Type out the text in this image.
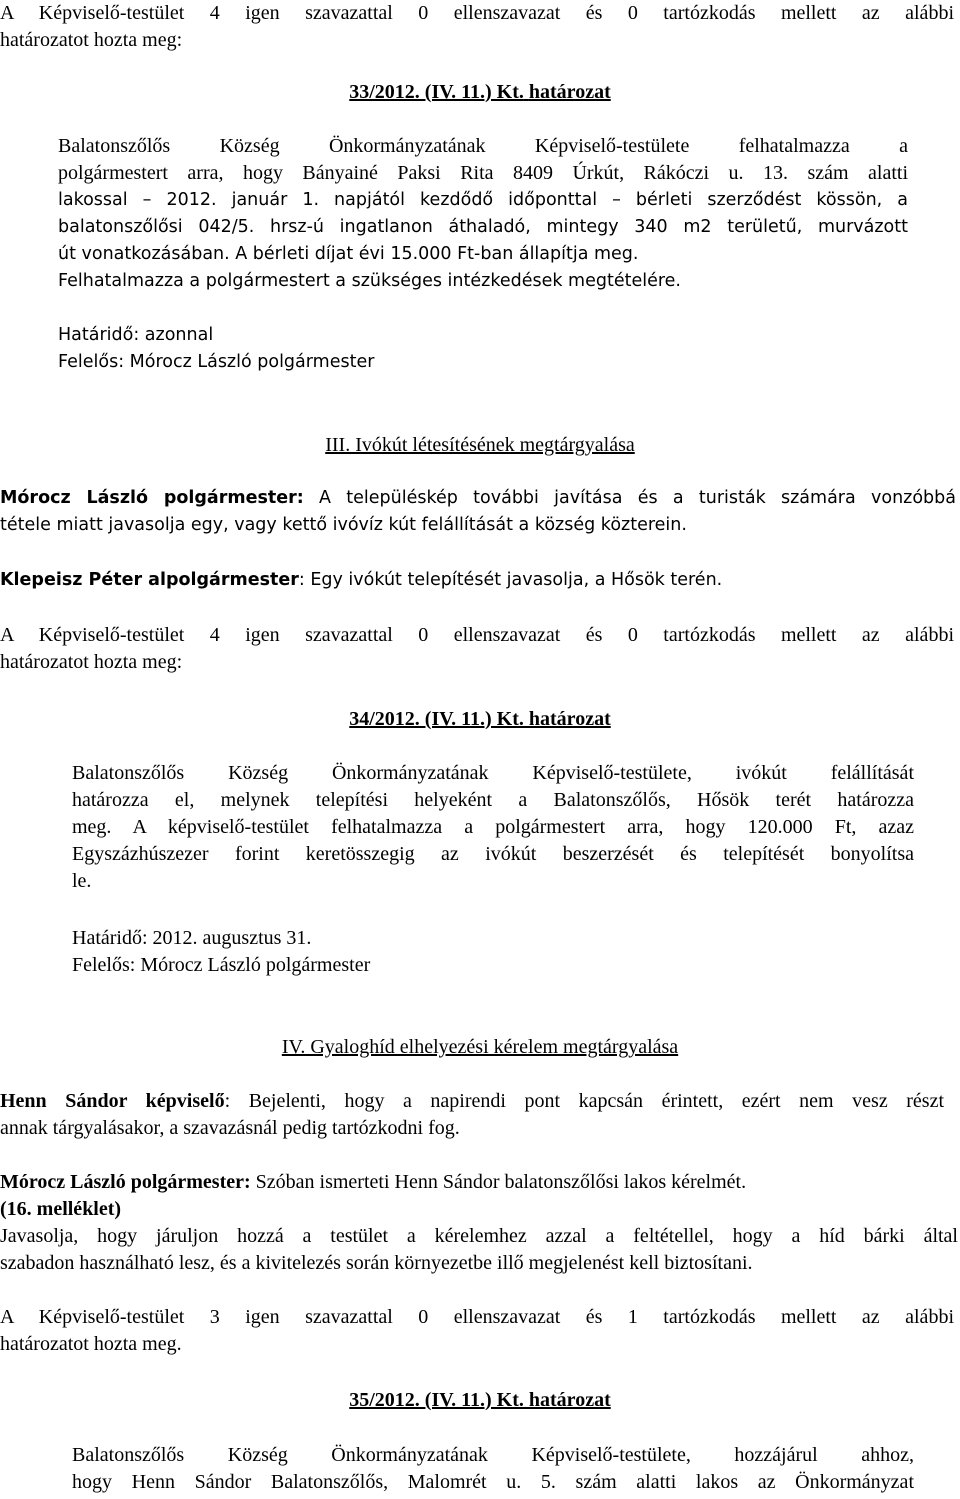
A Képviselő-testület 4 igen szavazattal 0 ellenszavazat és 0 tartózkodás mellett az alábbi

határozatot hozta meg:

33/2012. (IV. 11.) Kt. határozat

Balatonszőlős Község Önkormányzatának Képviselő-testülete felhatalmazza a

polgármestert arra, hogy Bányainé Paksi Rita 8409 Úrkút, Rákóczi u. 13. szám alatti

lakossal – 2012. január 1. napjától kezdődő időponttal – bérleti szerződést kössön, a

balatonszőlősi 042/5. hrsz-ú ingatlanon áthaladó, mintegy 340 m2 területű, murvázott

út vonatkozásában. A bérleti díjat évi 15.000 Ft-ban állapítja meg.

Felhatalmazza a polgármestert a szükséges intézkedések megtételére.

Határidő: azonnal

Felelős: Mórocz László polgármester

III. Ivókút létesítésének megtárgyalása

Mórocz László polgármester: A településkép további javítása és a turisták számára vonzóbbá

tétele miatt javasolja egy, vagy kettő ivóvíz kút felállítását a község közterein.

Klepeisz Péter alpolgármester: Egy ivókút telepítését javasolja, a Hősök terén.

A Képviselő-testület 4 igen szavazattal 0 ellenszavazat és 0 tartózkodás mellett az alábbi

határozatot hozta meg:

34/2012. (IV. 11.) Kt. határozat

Balatonszőlős Község Önkormányzatának Képviselő-testülete, ivókút felállítását

határozza el, melynek telepítési helyeként a Balatonszőlős, Hősök terét határozza

meg. A képviselő-testület felhatalmazza a polgármestert arra, hogy 120.000 Ft, azaz

Egyszázhúszezer forint keretösszegig az ivókút beszerzését és telepítését bonyolítsa

le.

Határidő: 2012. augusztus 31.

Felelős: Mórocz László polgármester

IV. Gyaloghíd elhelyezési kérelem megtárgyalása

Henn Sándor képviselő: Bejelenti, hogy a napirendi pont kapcsán érintett, ezért nem vesz részt

annak tárgyalásakor, a szavazásnál pedig tartózkodni fog.

Mórocz László polgármester: Szóban ismerteti Henn Sándor balatonszőlősi lakos kérelmét.

(16. melléklet)

Javasolja, hogy járuljon hozzá a testület a kérelemhez azzal a feltétellel, hogy a híd bárki által

szabadon használható lesz, és a kivitelezés során környezetbe illő megjelenést kell biztosítani.

A Képviselő-testület 3 igen szavazattal 0 ellenszavazat és 1 tartózkodás mellett az alábbi

határozatot hozta meg.

35/2012. (IV. 11.) Kt. határozat

Balatonszőlős Község Önkormányzatának Képviselő-testülete, hozzájárul ahhoz,

hogy Henn Sándor Balatonszőlős, Malomrét u. 5. szám alatti lakos az Önkormányzat
